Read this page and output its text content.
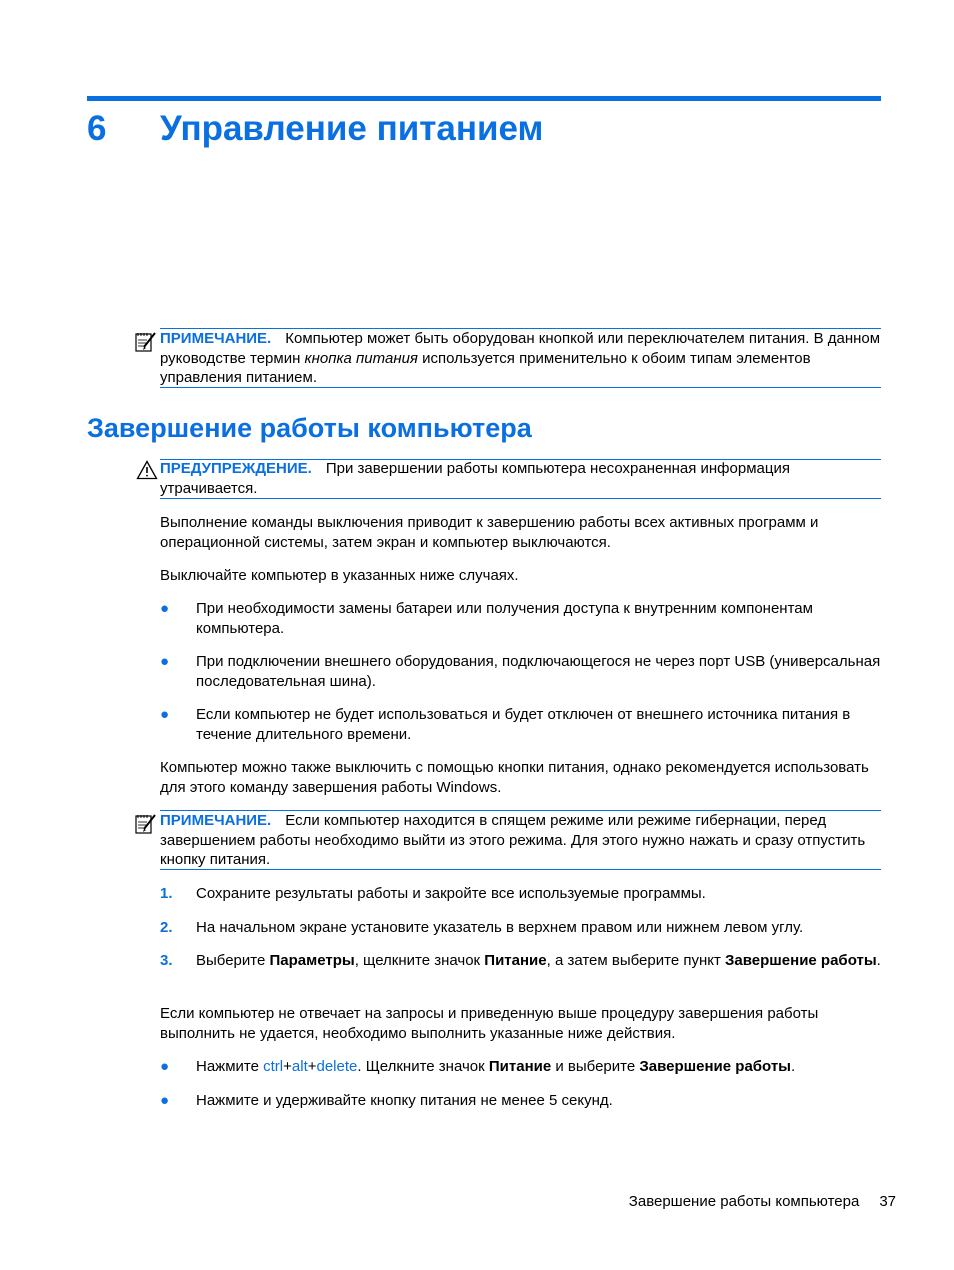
6 Управление питанием
ПРИМЕЧАНИЕ. Компьютер может быть оборудован кнопкой или переключателем питания. В данном руководстве термин кнопка питания используется применительно к обоим типам элементов управления питанием.
Завершение работы компьютера
ПРЕДУПРЕЖДЕНИЕ. При завершении работы компьютера несохраненная информация утрачивается.
Выполнение команды выключения приводит к завершению работы всех активных программ и операционной системы, затем экран и компьютер выключаются.
Выключайте компьютер в указанных ниже случаях.
●	При необходимости замены батареи или получения доступа к внутренним компонентам компьютера.
●	При подключении внешнего оборудования, подключающегося не через порт USB (универсальная последовательная шина).
●	Если компьютер не будет использоваться и будет отключен от внешнего источника питания в течение длительного времени.
Компьютер можно также выключить с помощью кнопки питания, однако рекомендуется использовать для этого команду завершения работы Windows.
ПРИМЕЧАНИЕ. Если компьютер находится в спящем режиме или режиме гибернации, перед завершением работы необходимо выйти из этого режима. Для этого нужно нажать и сразу отпустить кнопку питания.
1.	Сохраните результаты работы и закройте все используемые программы.
2.	На начальном экране установите указатель в верхнем правом или нижнем левом углу.
3.	Выберите Параметры, щелкните значок Питание, а затем выберите пункт Завершение работы.
Если компьютер не отвечает на запросы и приведенную выше процедуру завершения работы выполнить не удается, необходимо выполнить указанные ниже действия.
●	Нажмите ctrl+alt+delete. Щелкните значок Питание и выберите Завершение работы.
●	Нажмите и удерживайте кнопку питания не менее 5 секунд.
Завершение работы компьютера 37
